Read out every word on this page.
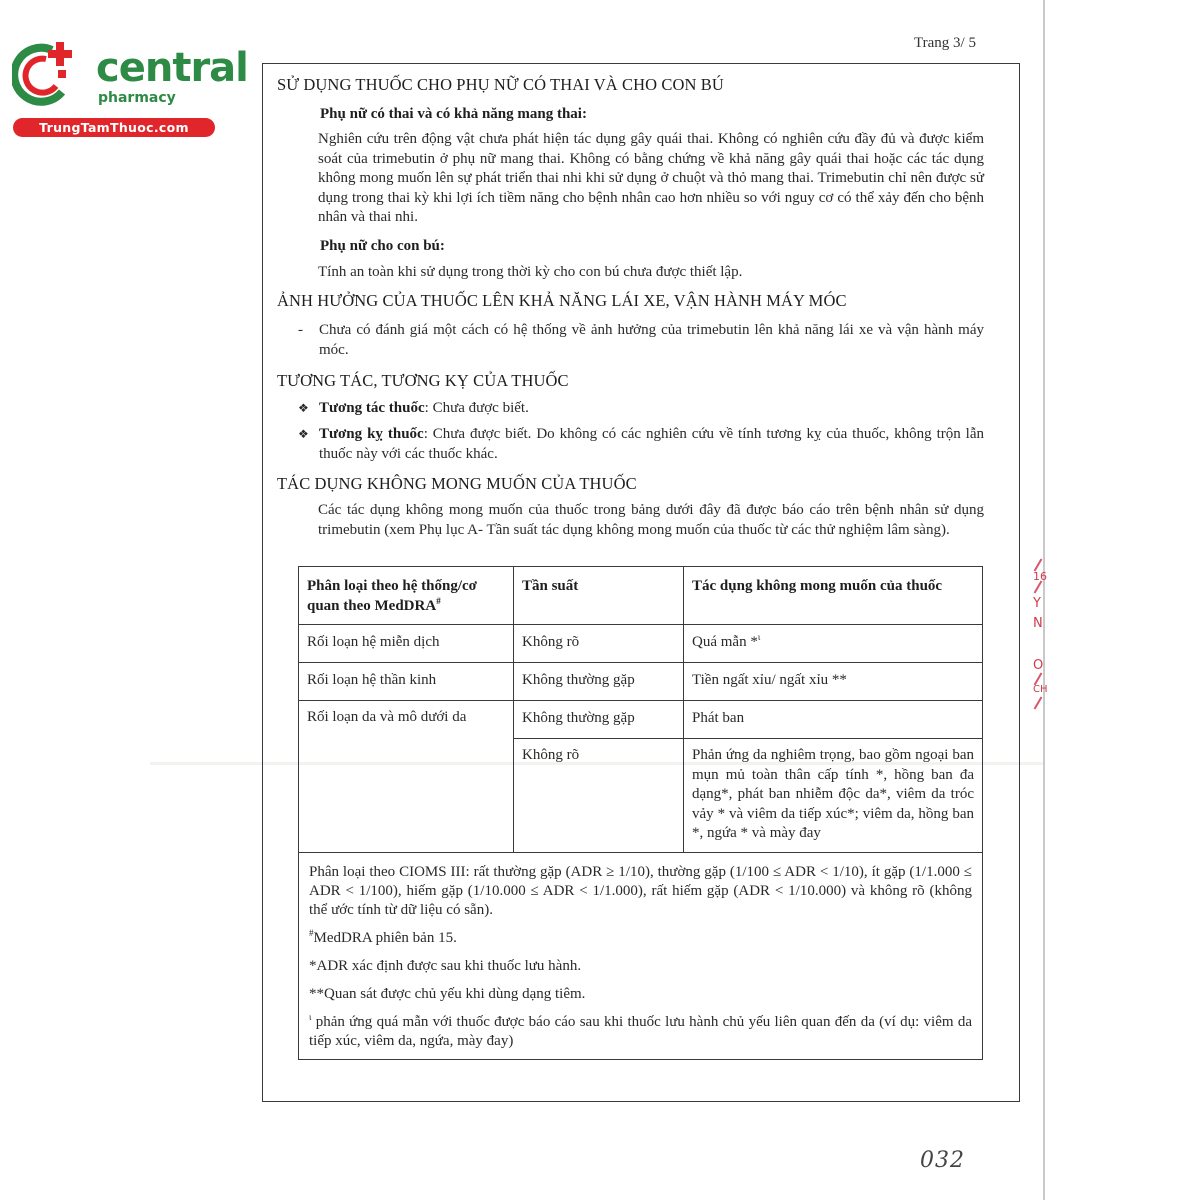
central
pharmacy
TrungTamThuoc.com
Trang 3/ 5
16
Y
N
O
CH
SỬ DỤNG THUỐC CHO PHỤ NỮ CÓ THAI VÀ CHO CON BÚ
Phụ nữ có thai và có khả năng mang thai:
Nghiên cứu trên động vật chưa phát hiện tác dụng gây quái thai. Không có nghiên cứu đầy đủ và được kiểm soát của trimebutin ở phụ nữ mang thai. Không có bằng chứng về khả năng gây quái thai hoặc các tác dụng không mong muốn lên sự phát triển thai nhi khi sử dụng ở chuột và thỏ mang thai. Trimebutin chỉ nên được sử dụng trong thai kỳ khi lợi ích tiềm năng cho bệnh nhân cao hơn nhiều so với nguy cơ có thể xảy đến cho bệnh nhân và thai nhi.
Phụ nữ cho con bú:
Tính an toàn khi sử dụng trong thời kỳ cho con bú chưa được thiết lập.
ẢNH HƯỞNG CỦA THUỐC LÊN KHẢ NĂNG LÁI XE, VẬN HÀNH MÁY MÓC
-	Chưa có đánh giá một cách có hệ thống về ảnh hưởng của trimebutin lên khả năng lái xe và vận hành máy móc.
TƯƠNG TÁC, TƯƠNG KỴ CỦA THUỐC
❖ Tương tác thuốc: Chưa được biết.
❖ Tương kỵ thuốc: Chưa được biết. Do không có các nghiên cứu về tính tương kỵ của thuốc, không trộn lẫn thuốc này với các thuốc khác.
TÁC DỤNG KHÔNG MONG MUỐN CỦA THUỐC
Các tác dụng không mong muốn của thuốc trong bảng dưới đây đã được báo cáo trên bệnh nhân sử dụng trimebutin (xem Phụ lục A- Tần suất tác dụng không mong muốn của thuốc từ các thử nghiệm lâm sàng).
Phân loại theo hệ thống/cơ quan theo MedDRA#	Tần suất	Tác dụng không mong muốn của thuốc
Rối loạn hệ miễn dịch	Không rõ	Quá mẫn *$^\iota$
Rối loạn hệ thần kinh	Không thường gặp	Tiền ngất xỉu/ ngất xỉu **
Rối loạn da và mô dưới da	Không thường gặp	Phát ban
	Không rõ	Phản ứng da nghiêm trọng, bao gồm ngoại ban mụn mủ toàn thân cấp tính *, hồng ban đa dạng*, phát ban nhiễm độc da*, viêm da tróc vảy * và viêm da tiếp xúc*; viêm da, hồng ban *, ngứa * và mày đay

Phân loại theo CIOMS III: rất thường gặp (ADR ≥ 1/10), thường gặp (1/100 ≤ ADR < 1/10), ít gặp (1/1.000 ≤ ADR < 1/100), hiếm gặp (1/10.000 ≤ ADR < 1/1.000), rất hiếm gặp (ADR < 1/10.000) và không rõ (không thể ước tính từ dữ liệu có sẵn).
#MedDRA phiên bản 15.
*ADR xác định được sau khi thuốc lưu hành.
**Quan sát được chủ yếu khi dùng dạng tiêm.
$^\iota$ phản ứng quá mẫn với thuốc được báo cáo sau khi thuốc lưu hành chủ yếu liên quan đến da (ví dụ: viêm da tiếp xúc, viêm da, ngứa, mày đay)		
032
